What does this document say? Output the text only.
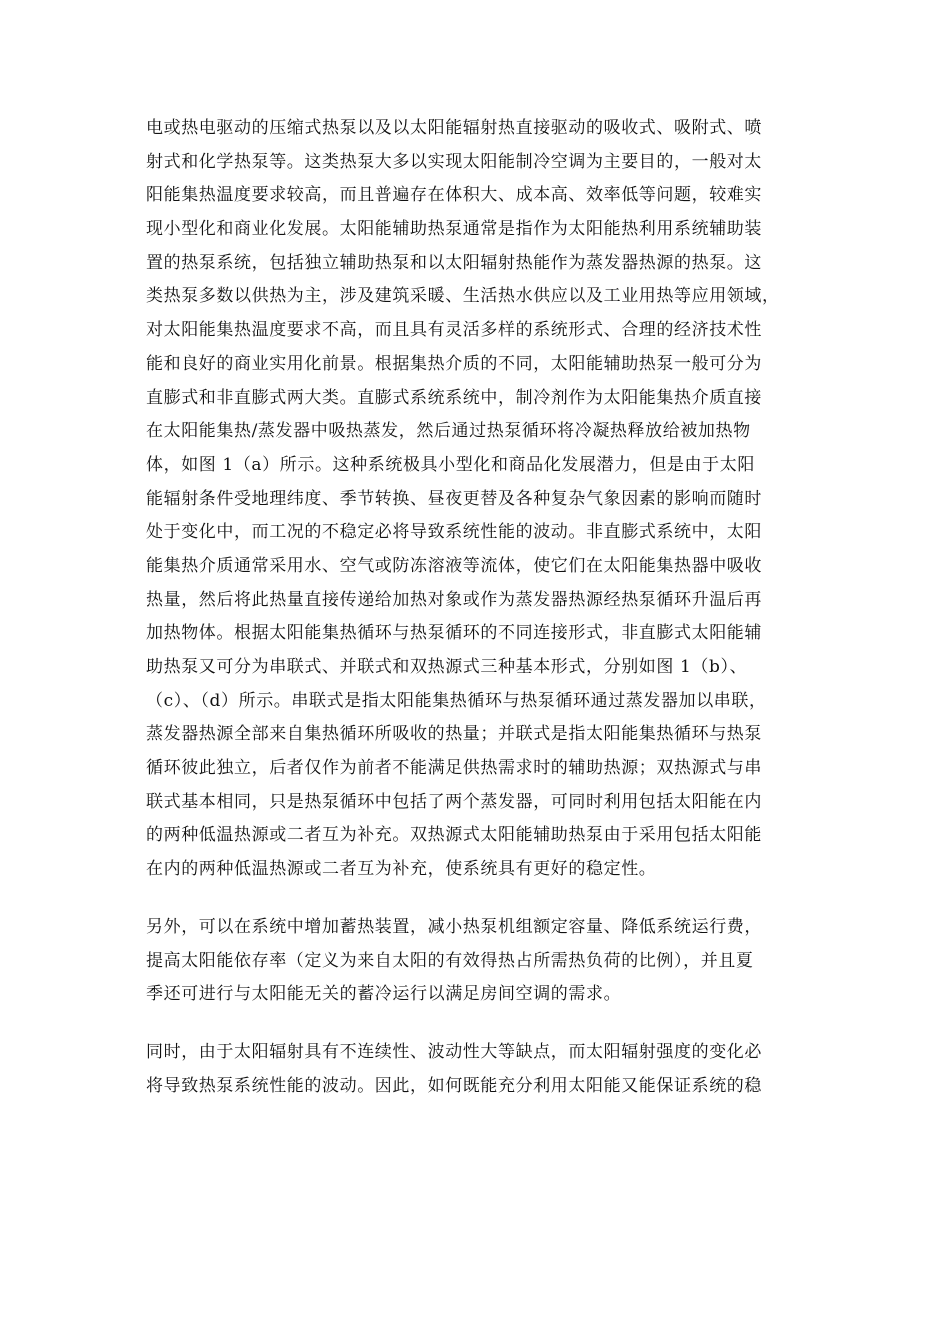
电或热电驱动的压缩式热泵以及以太阳能辐射热直接驱动的吸收式、吸附式、喷
射式和化学热泵等。这类热泵大多以实现太阳能制冷空调为主要目的，一般对太
阳能集热温度要求较高，而且普遍存在体积大、成本高、效率低等问题，较难实
现小型化和商业化发展。太阳能辅助热泵通常是指作为太阳能热利用系统辅助装
置的热泵系统，包括独立辅助热泵和以太阳辐射热能作为蒸发器热源的热泵。这
类热泵多数以供热为主，涉及建筑采暖、生活热水供应以及工业用热等应用领域，
对太阳能集热温度要求不高，而且具有灵活多样的系统形式、合理的经济技术性
能和良好的商业实用化前景。根据集热介质的不同，太阳能辅助热泵一般可分为
直膨式和非直膨式两大类。直膨式系统系统中，制冷剂作为太阳能集热介质直接
在太阳能集热/蒸发器中吸热蒸发，然后通过热泵循环将冷凝热释放给被加热物
体，如图 1（a）所示。这种系统极具小型化和商品化发展潜力，但是由于太阳
能辐射条件受地理纬度、季节转换、昼夜更替及各种复杂气象因素的影响而随时
处于变化中，而工况的不稳定必将导致系统性能的波动。非直膨式系统中，太阳
能集热介质通常采用水、空气或防冻溶液等流体，使它们在太阳能集热器中吸收
热量，然后将此热量直接传递给加热对象或作为蒸发器热源经热泵循环升温后再
加热物体。根据太阳能集热循环与热泵循环的不同连接形式，非直膨式太阳能辅
助热泵又可分为串联式、并联式和双热源式三种基本形式，分别如图 1（b）、
（c）、（d）所示。串联式是指太阳能集热循环与热泵循环通过蒸发器加以串联，
蒸发器热源全部来自集热循环所吸收的热量；并联式是指太阳能集热循环与热泵
循环彼此独立，后者仅作为前者不能满足供热需求时的辅助热源；双热源式与串
联式基本相同，只是热泵循环中包括了两个蒸发器，可同时利用包括太阳能在内
的两种低温热源或二者互为补充。双热源式太阳能辅助热泵由于采用包括太阳能
在内的两种低温热源或二者互为补充，使系统具有更好的稳定性。
另外，可以在系统中增加蓄热装置，减小热泵机组额定容量、降低系统运行费，
提高太阳能依存率（定义为来自太阳的有效得热占所需热负荷的比例），并且夏
季还可进行与太阳能无关的蓄冷运行以满足房间空调的需求。
同时，由于太阳辐射具有不连续性、波动性大等缺点，而太阳辐射强度的变化必
将导致热泵系统性能的波动。因此，如何既能充分利用太阳能又能保证系统的稳
